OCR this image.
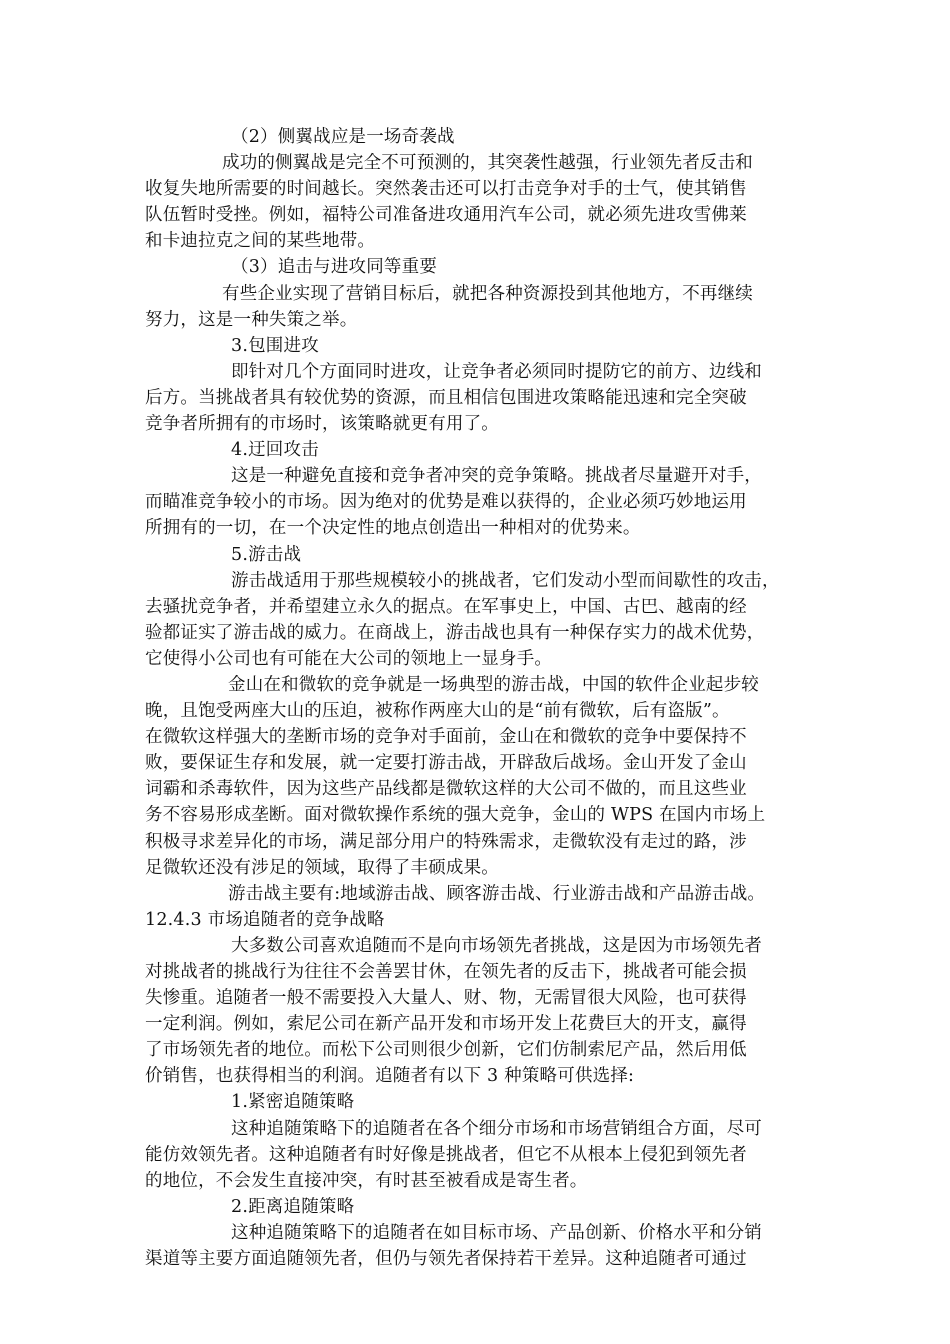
（2）侧翼战应是一场奇袭战
成功的侧翼战是完全不可预测的，其突袭性越强，行业领先者反击和
收复失地所需要的时间越长。突然袭击还可以打击竞争对手的士气，使其销售
队伍暂时受挫。例如，福特公司准备进攻通用汽车公司，就必须先进攻雪佛莱
和卡迪拉克之间的某些地带。
（3）追击与进攻同等重要
有些企业实现了营销目标后，就把各种资源投到其他地方，不再继续
努力，这是一种失策之举。
3.包围进攻
即针对几个方面同时进攻，让竞争者必须同时提防它的前方、边线和
后方。当挑战者具有较优势的资源，而且相信包围进攻策略能迅速和完全突破
竞争者所拥有的市场时，该策略就更有用了。
4.迂回攻击
这是一种避免直接和竞争者冲突的竞争策略。挑战者尽量避开对手，
而瞄准竞争较小的市场。因为绝对的优势是难以获得的，企业必须巧妙地运用
所拥有的一切，在一个决定性的地点创造出一种相对的优势来。
5.游击战
游击战适用于那些规模较小的挑战者，它们发动小型而间歇性的攻击，
去骚扰竞争者，并希望建立永久的据点。在军事史上，中国、古巴、越南的经
验都证实了游击战的威力。在商战上，游击战也具有一种保存实力的战术优势，
它使得小公司也有可能在大公司的领地上一显身手。
金山在和微软的竞争就是一场典型的游击战，中国的软件企业起步较
晚，且饱受两座大山的压迫，被称作两座大山的是“前有微软，后有盗版”。
在微软这样强大的垄断市场的竞争对手面前，金山在和微软的竞争中要保持不
败，要保证生存和发展，就一定要打游击战，开辟敌后战场。金山开发了金山
词霸和杀毒软件，因为这些产品线都是微软这样的大公司不做的，而且这些业
务不容易形成垄断。面对微软操作系统的强大竞争，金山的 WPS 在国内市场上
积极寻求差异化的市场，满足部分用户的特殊需求，走微软没有走过的路，涉
足微软还没有涉足的领域，取得了丰硕成果。
游击战主要有:地域游击战、顾客游击战、行业游击战和产品游击战。
12.4.3 市场追随者的竞争战略
大多数公司喜欢追随而不是向市场领先者挑战，这是因为市场领先者
对挑战者的挑战行为往往不会善罢甘休，在领先者的反击下，挑战者可能会损
失惨重。追随者一般不需要投入大量人、财、物，无需冒很大风险，也可获得
一定利润。例如，索尼公司在新产品开发和市场开发上花费巨大的开支，赢得
了市场领先者的地位。而松下公司则很少创新，它们仿制索尼产品，然后用低
价销售，也获得相当的利润。追随者有以下 3 种策略可供选择:
1.紧密追随策略
这种追随策略下的追随者在各个细分市场和市场营销组合方面，尽可
能仿效领先者。这种追随者有时好像是挑战者，但它不从根本上侵犯到领先者
的地位，不会发生直接冲突，有时甚至被看成是寄生者。
2.距离追随策略
这种追随策略下的追随者在如目标市场、产品创新、价格水平和分销
渠道等主要方面追随领先者，但仍与领先者保持若干差异。这种追随者可通过
